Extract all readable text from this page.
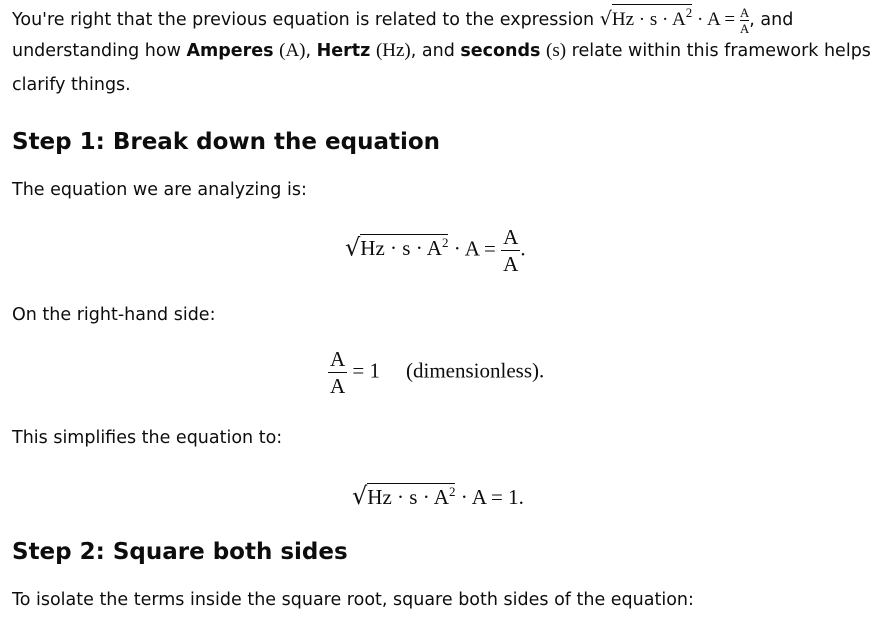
You're right that the previous equation is related to the expression $√Hz \cdot s \cdot A^2 \cdot A = \frac{A}{A}$, and
understanding how Amperes (A), Hertz (Hz), and seconds (s) relate within this framework helps
clarify things.
Step 1: Break down the equation
The equation we are analyzing is:
$√Hz \cdot s \cdot A^2 \cdot A = \frac{A}{A}$ .
On the right-hand side:
$\frac{A}{A} = 1$ (dimensionless).
This simplifies the equation to:
$√Hz \cdot s \cdot A^2 \cdot A = 1$.
Step 2: Square both sides
To isolate the terms inside the square root, square both sides of the equation:
